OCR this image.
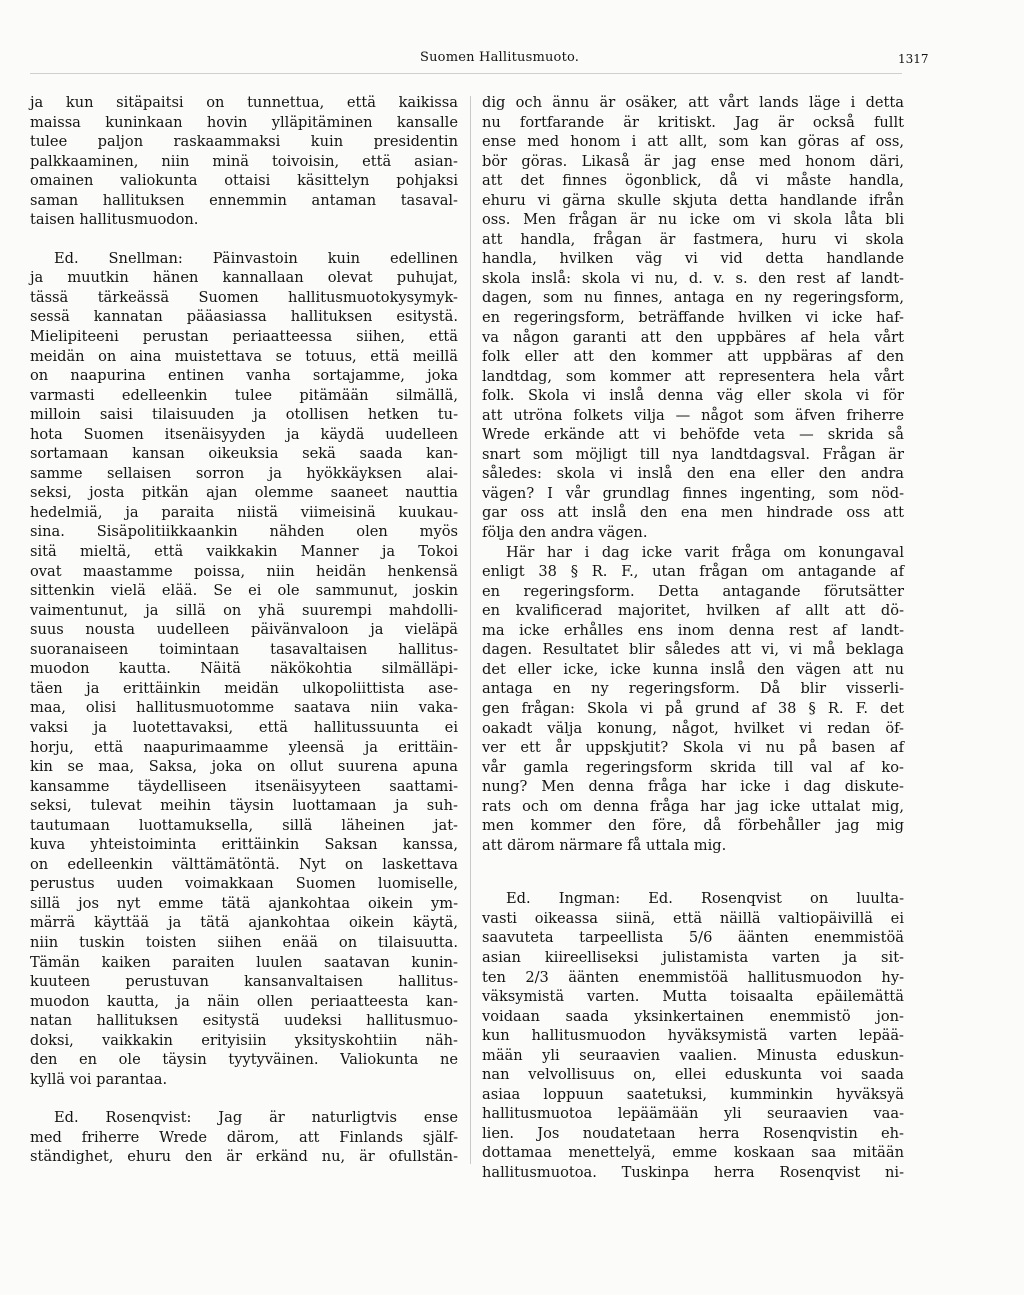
Suomen Hallitusmuoto.	1317
ja kun sitäpaitsi on tunnettua, että kaikissa
maissa kuninkaan hovin ylläpitäminen kansalle
tulee paljon raskaammaksi kuin presidentin
palkkaaminen, niin minä toivoisin, että asian-
omainen valiokunta ottaisi käsittelyn pohjaksi
saman hallituksen ennemmin antaman tasaval-
taisen hallitusmuodon.
Ed. Snellman: Päinvastoin kuin edellinen
ja muutkin hänen kannallaan olevat puhujat,
tässä tärkeässä Suomen hallitusmuotokysymyk-
sessä kannatan pääasiassa hallituksen esitystä.
Mielipiteeni perustan periaatteessa siihen, että
meidän on aina muistettava se totuus, että meillä
on naapurina entinen vanha sortajamme, joka
varmasti edelleenkin tulee pitämään silmällä,
milloin saisi tilaisuuden ja otollisen hetken tu-
hota Suomen itsenäisyyden ja käydä uudelleen
sortamaan kansan oikeuksia sekä saada kan-
samme sellaisen sorron ja hyökkäyksen alai-
seksi, josta pitkän ajan olemme saaneet nauttia
hedelmiä, ja paraita niistä viimeisinä kuukau-
sina. Sisäpolitiikkaankin nähden olen myös
sitä mieltä, että vaikkakin Manner ja Tokoi
ovat maastamme poissa, niin heidän henkensä
sittenkin vielä elää. Se ei ole sammunut, joskin
vaimentunut, ja sillä on yhä suurempi mahdolli-
suus nousta uudelleen päivänvaloon ja vieläpä
suoranaiseen toimintaan tasavaltaisen hallitus-
muodon kautta. Näitä näkökohtia silmälläpi-
täen ja erittäinkin meidän ulkopoliittista ase-
maa, olisi hallitusmuotomme saatava niin vaka-
vaksi ja luotettavaksi, että hallitussuunta ei
horju, että naapurimaamme yleensä ja erittäin-
kin se maa, Saksa, joka on ollut suurena apuna
kansamme täydelliseen itsenäisyyteen saattami-
seksi, tulevat meihin täysin luottamaan ja suh-
tautumaan luottamuksella, sillä läheinen jat-
kuva yhteistoiminta erittäinkin Saksan kanssa,
on edelleenkin välttämätöntä. Nyt on laskettava
perustus uuden voimakkaan Suomen luomiselle,
sillä jos nyt emme tätä ajankohtaa oikein ym-
märrä käyttää ja tätä ajankohtaa oikein käytä,
niin tuskin toisten siihen enää on tilaisuutta.
Tämän kaiken paraiten luulen saatavan kunin-
kuuteen perustuvan kansanvaltaisen hallitus-
muodon kautta, ja näin ollen periaatteesta kan-
natan hallituksen esitystä uudeksi hallitusmuo-
doksi, vaikkakin erityisiin yksityskohtiin näh-
den en ole täysin tyytyväinen. Valiokunta ne
kyllä voi parantaa.
Ed. Rosenqvist: Jag är naturligtvis ense
med friherre Wrede därom, att Finlands själf-
ständighet, ehuru den är erkänd nu, är ofullstän-
dig och ännu är osäker, att vårt lands läge i detta
nu fortfarande är kritiskt. Jag är också fullt
ense med honom i att allt, som kan göras af oss,
bör göras. Likaså är jag ense med honom däri,
att det finnes ögonblick, då vi måste handla,
ehuru vi gärna skulle skjuta detta handlande ifrån
oss. Men frågan är nu icke om vi skola låta bli
att handla, frågan är fastmera, huru vi skola
handla, hvilken väg vi vid detta handlande
skola inslå: skola vi nu, d. v. s. den rest af landt-
dagen, som nu finnes, antaga en ny regeringsform,
en regeringsform, beträffande hvilken vi icke haf-
va någon garanti att den uppbäres af hela vårt
folk eller att den kommer att uppbäras af den
landtdag, som kommer att representera hela vårt
folk. Skola vi inslå denna väg eller skola vi för
att utröna folkets vilja — något som äfven friherre
Wrede erkände att vi behöfde veta — skrida så
snart som möjligt till nya landtdagsval. Frågan är
således: skola vi inslå den ena eller den andra
vägen? I vår grundlag finnes ingenting, som nöd-
gar oss att inslå den ena men hindrade oss att
följa den andra vägen.
Här har i dag icke varit fråga om konungaval
enligt 38 § R. F., utan frågan om antagande af
en regeringsform. Detta antagande förutsätter
en kvalificerad majoritet, hvilken af allt att dö-
ma icke erhålles ens inom denna rest af landt-
dagen. Resultatet blir således att vi, vi må beklaga
det eller icke, icke kunna inslå den vägen att nu
antaga en ny regeringsform. Då blir visserli-
gen frågan: Skola vi på grund af 38 § R. F. det
oakadt välja konung, något, hvilket vi redan öf-
ver ett år uppskjutit? Skola vi nu på basen af
vår gamla regeringsform skrida till val af ko-
nung? Men denna fråga har icke i dag diskute-
rats och om denna fråga har jag icke uttalat mig,
men kommer den före, då förbehåller jag mig
att därom närmare få uttala mig.
Ed. Ingman: Ed. Rosenqvist on luulta-
vasti oikeassa siinä, että näillä valtiopäivillä ei
saavuteta tarpeellista 5/6 äänten enemmistöä
asian kiireelliseksi julistamista varten ja sit-
ten 2/3 äänten enemmistöä hallitusmuodon hy-
väksymistä varten. Mutta toisaalta epäilemättä
voidaan saada yksinkertainen enemmistö jon-
kun hallitusmuodon hyväksymistä varten lepää-
mään yli seuraavien vaalien. Minusta eduskun-
nan velvollisuus on, ellei eduskunta voi saada
asiaa loppuun saatetuksi, kumminkin hyväksyä
hallitusmuotoa lepäämään yli seuraavien vaa-
lien. Jos noudatetaan herra Rosenqvistin eh-
dottamaa menettelyä, emme koskaan saa mitään
hallitusmuotoa. Tuskinpa herra Rosenqvist ni-
